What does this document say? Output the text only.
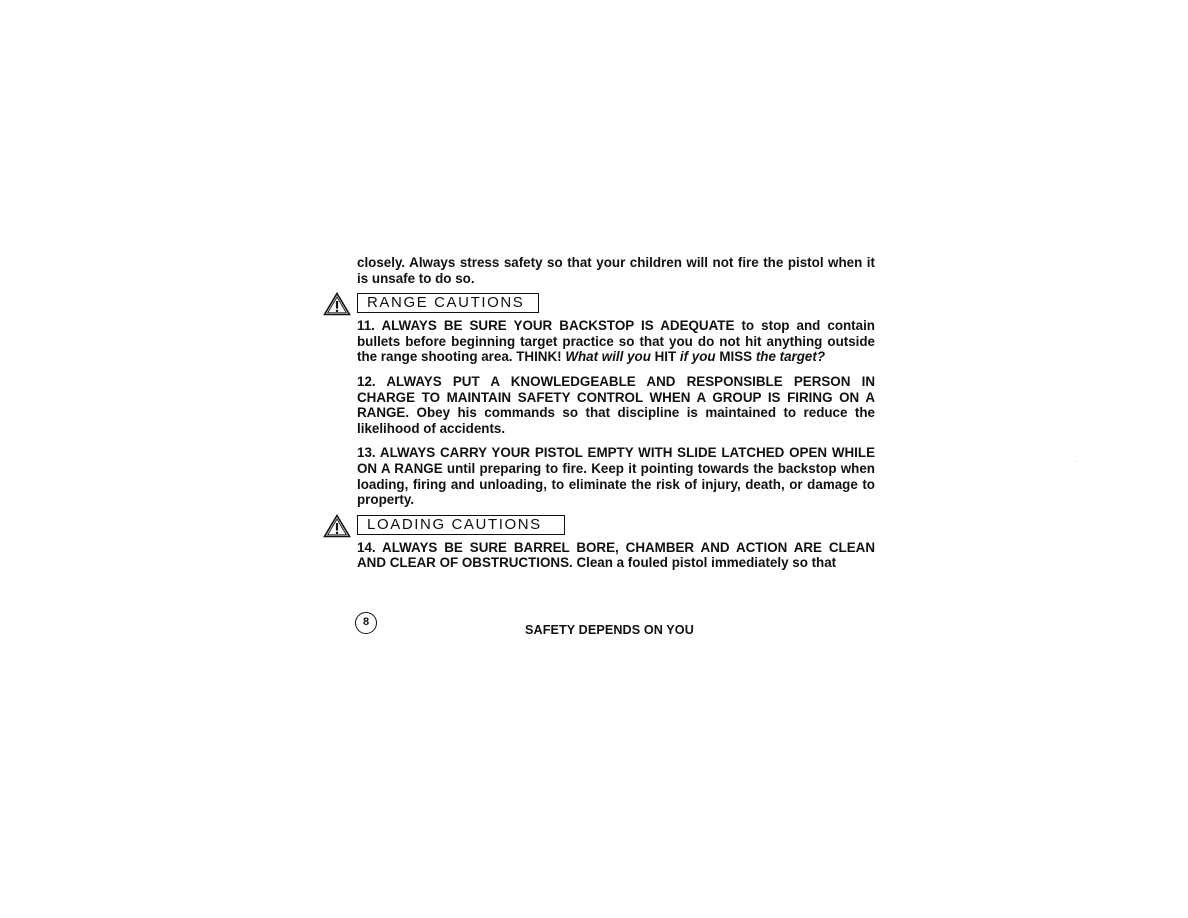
closely. Always stress safety so that your children will not fire the pistol when it is unsafe to do so.

RANGE CAUTIONS

11. ALWAYS BE SURE YOUR BACKSTOP IS ADEQUATE to stop and contain bullets before beginning target practice so that you do not hit anything outside the range shooting area. THINK! What will you HIT if you MISS the target?

12. ALWAYS PUT A KNOWLEDGEABLE AND RESPONSIBLE PERSON IN CHARGE TO MAINTAIN SAFETY CONTROL WHEN A GROUP IS FIRING ON A RANGE. Obey his commands so that discipline is maintained to reduce the likelihood of accidents.

13. ALWAYS CARRY YOUR PISTOL EMPTY WITH SLIDE LATCHED OPEN WHILE ON A RANGE until preparing to fire. Keep it pointing towards the backstop when loading, firing and unloading, to eliminate the risk of injury, death, or damage to property.

LOADING CAUTIONS

14. ALWAYS BE SURE BARREL BORE, CHAMBER AND ACTION ARE CLEAN AND CLEAR OF OBSTRUCTIONS. Clean a fouled pistol immediately so that

8
SAFETY DEPENDS ON YOU
